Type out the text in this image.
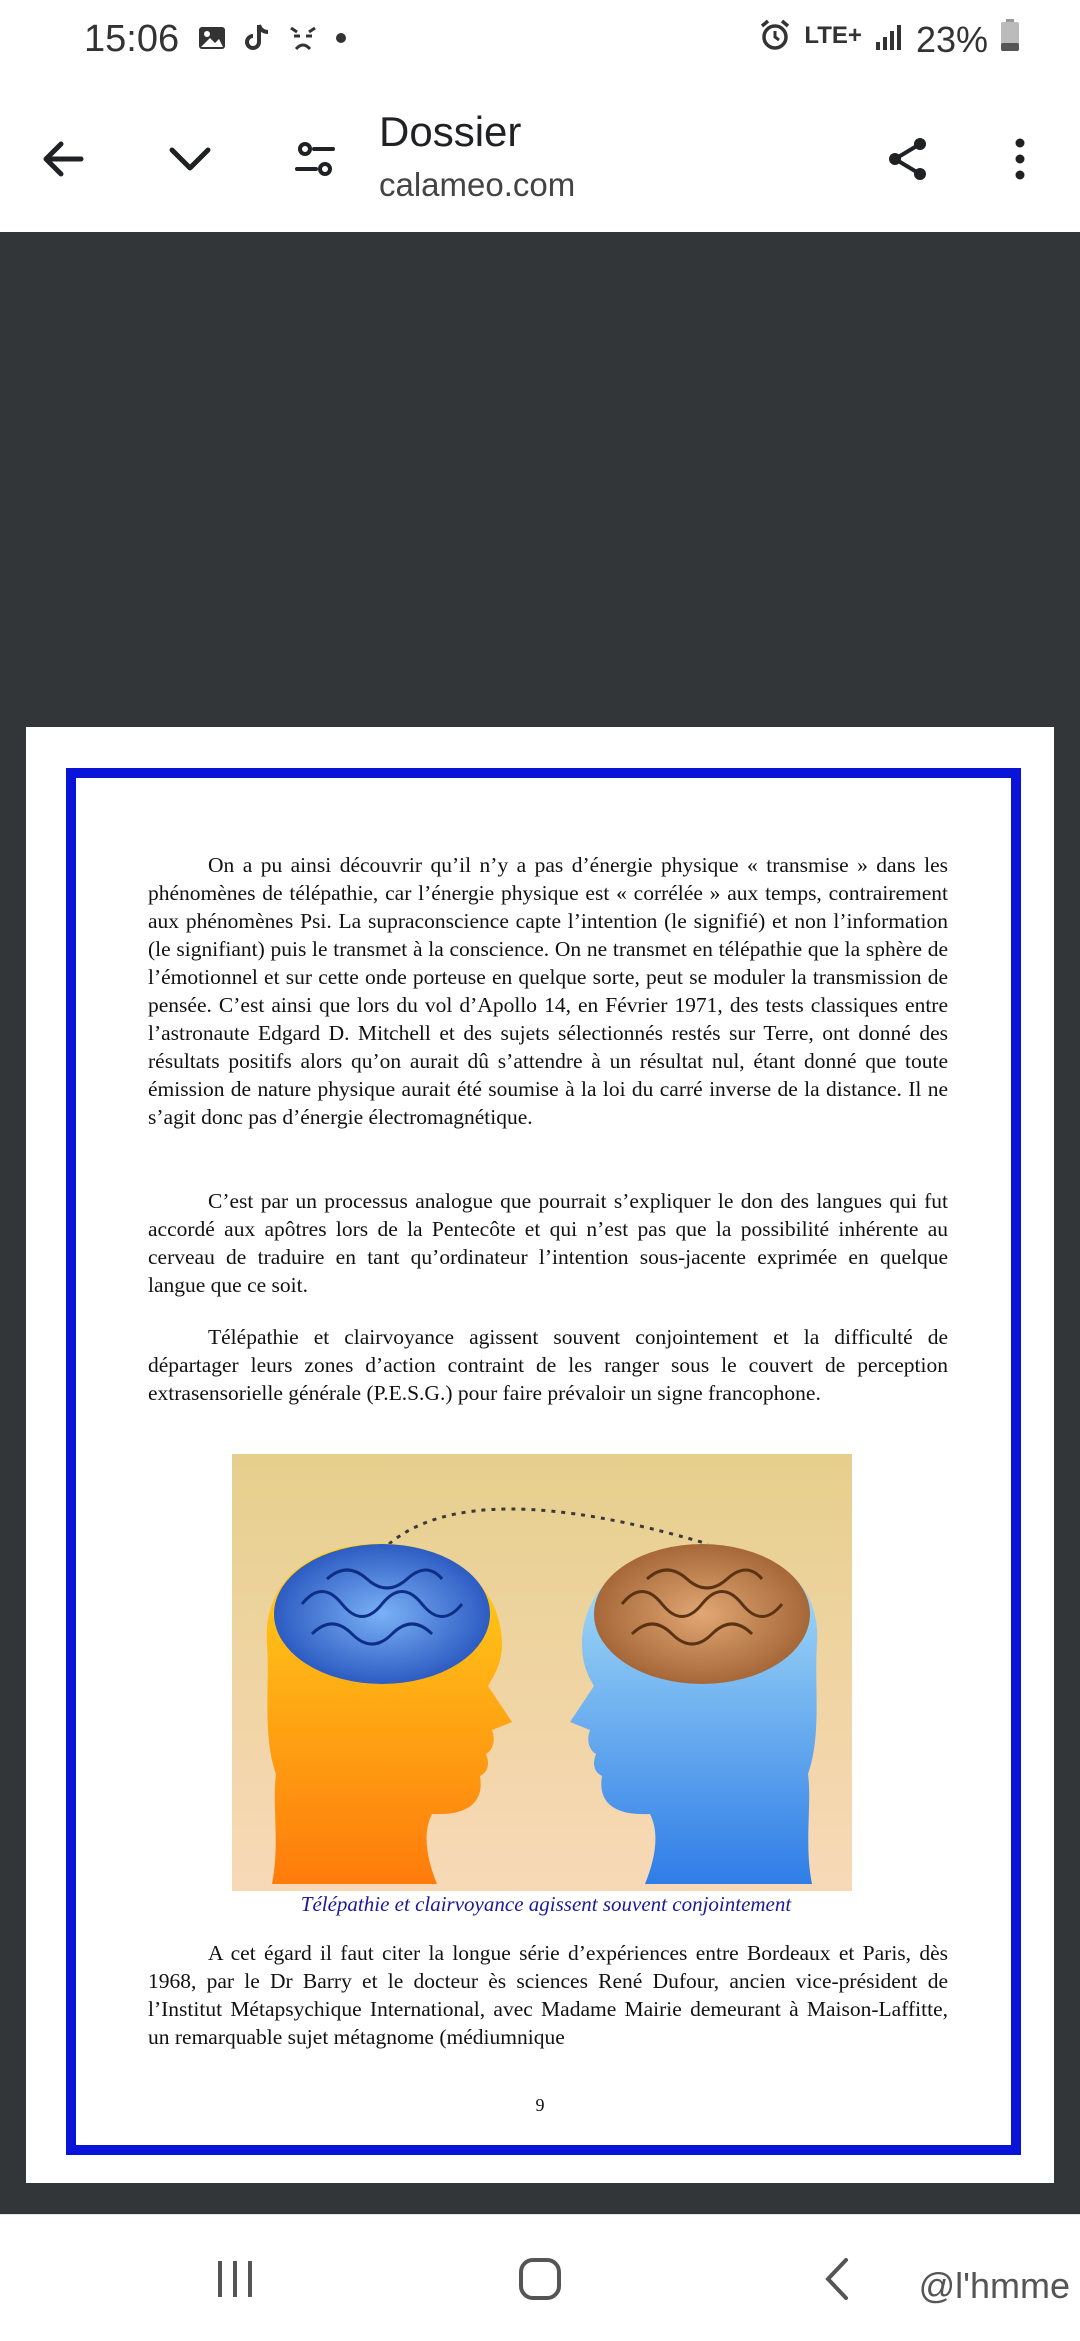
15:06	LTE+ 23%
Dossier
calameo.com

On a pu ainsi découvrir qu’il n’y a pas d’énergie physique « transmise » dans les phénomènes de télépathie, car l’énergie physique est « corrélée » aux temps, contrairement aux phénomènes Psi. La supraconscience capte l’intention (le signifié) et non l’information (le signifiant) puis le transmet à la conscience. On ne transmet en télépathie que la sphère de l’émotionnel et sur cette onde porteuse en quelque sorte, peut se moduler la transmission de pensée. C’est ainsi que lors du vol d’Apollo 14, en Février 1971, des tests classiques entre l’astronaute Edgard D. Mitchell et des sujets sélectionnés restés sur Terre, ont donné des résultats positifs alors qu’on aurait dû s’attendre à un résultat nul, étant donné que toute émission de nature physique aurait été soumise à la loi du carré inverse de la distance. Il ne s’agit donc pas d’énergie électromagnétique.

C’est par un processus analogue que pourrait s’expliquer le don des langues qui fut accordé aux apôtres lors de la Pentecôte et qui n’est pas que la possibilité inhérente au cerveau de traduire en tant qu’ordinateur l’intention sous-jacente exprimée en quelque langue que ce soit.

Télépathie et clairvoyance agissent souvent conjointement et la difficulté de départager leurs zones d’action contraint de les ranger sous le couvert de perception extrasensorielle générale (P.E.S.G.) pour faire prévaloir un signe francophone.

Télépathie et clairvoyance agissent souvent conjointement

A cet égard il faut citer la longue série d’expériences entre Bordeaux et Paris, dès 1968, par le Dr Barry et le docteur ès sciences René Dufour, ancien vice-président de l’Institut Métapsychique International, avec Madame Mairie demeurant à Maison-Laffitte, un remarquable sujet métagnome (médiumnique

9
@l'hmme
